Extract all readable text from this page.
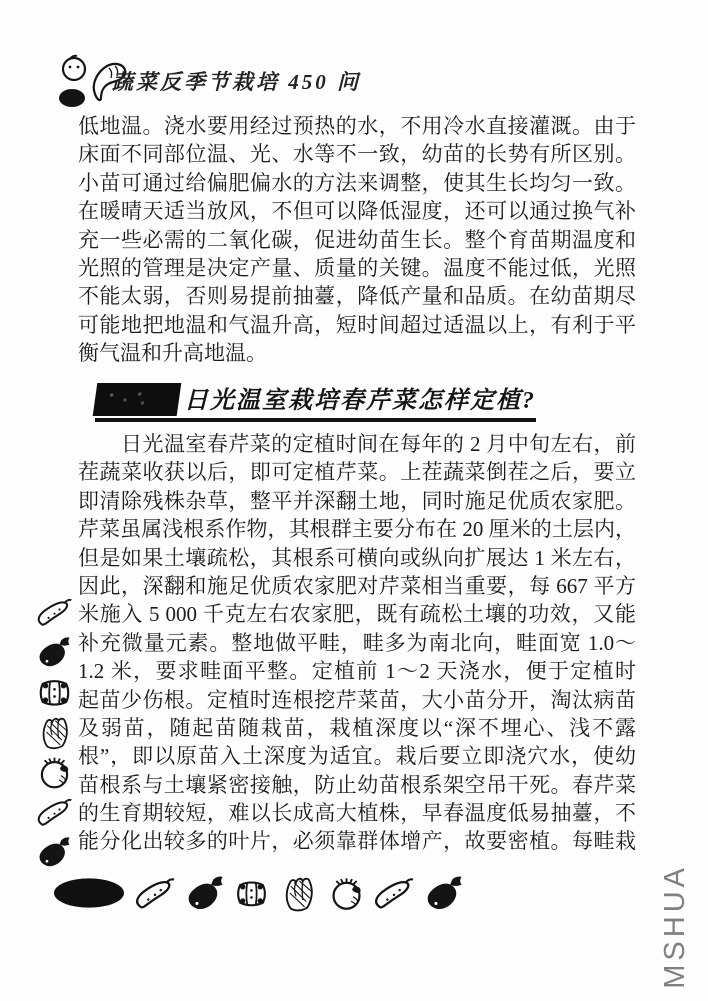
蔬菜反季节栽培 450 问
低地温。浇水要用经过预热的水，不用冷水直接灌溉。由于
床面不同部位温、光、水等不一致，幼苗的长势有所区别。
小苗可通过给偏肥偏水的方法来调整，使其生长均匀一致。
在暖晴天适当放风，不但可以降低湿度，还可以通过换气补
充一些必需的二氧化碳，促进幼苗生长。整个育苗期温度和
光照的管理是决定产量、质量的关键。温度不能过低，光照
不能太弱，否则易提前抽薹，降低产量和品质。在幼苗期尽
可能地把地温和气温升高，短时间超过适温以上，有利于平
衡气温和升高地温。
日光温室栽培春芹菜怎样定植?
日光温室春芹菜的定植时间在每年的 2 月中旬左右，前
茬蔬菜收获以后，即可定植芹菜。上茬蔬菜倒茬之后，要立
即清除残株杂草，整平并深翻土地，同时施足优质农家肥。
芹菜虽属浅根系作物，其根群主要分布在 20 厘米的土层内，
但是如果土壤疏松，其根系可横向或纵向扩展达 1 米左右，
因此，深翻和施足优质农家肥对芹菜相当重要，每 667 平方
米施入 5 000 千克左右农家肥，既有疏松土壤的功效，又能
补充微量元素。整地做平畦，畦多为南北向，畦面宽 1.0～
1.2 米，要求畦面平整。定植前 1～2 天浇水，便于定植时
起苗少伤根。定植时连根挖芹菜苗，大小苗分开，淘汰病苗
及弱苗，随起苗随栽苗，栽植深度以“深不埋心、浅不露
根”，即以原苗入土深度为适宜。栽后要立即浇穴水，使幼
苗根系与土壤紧密接触，防止幼苗根系架空吊干死。春芹菜
的生育期较短，难以长成高大植株，早春温度低易抽薹，不
能分化出较多的叶片，必须靠群体增产，故要密植。每畦栽
MSHUA
